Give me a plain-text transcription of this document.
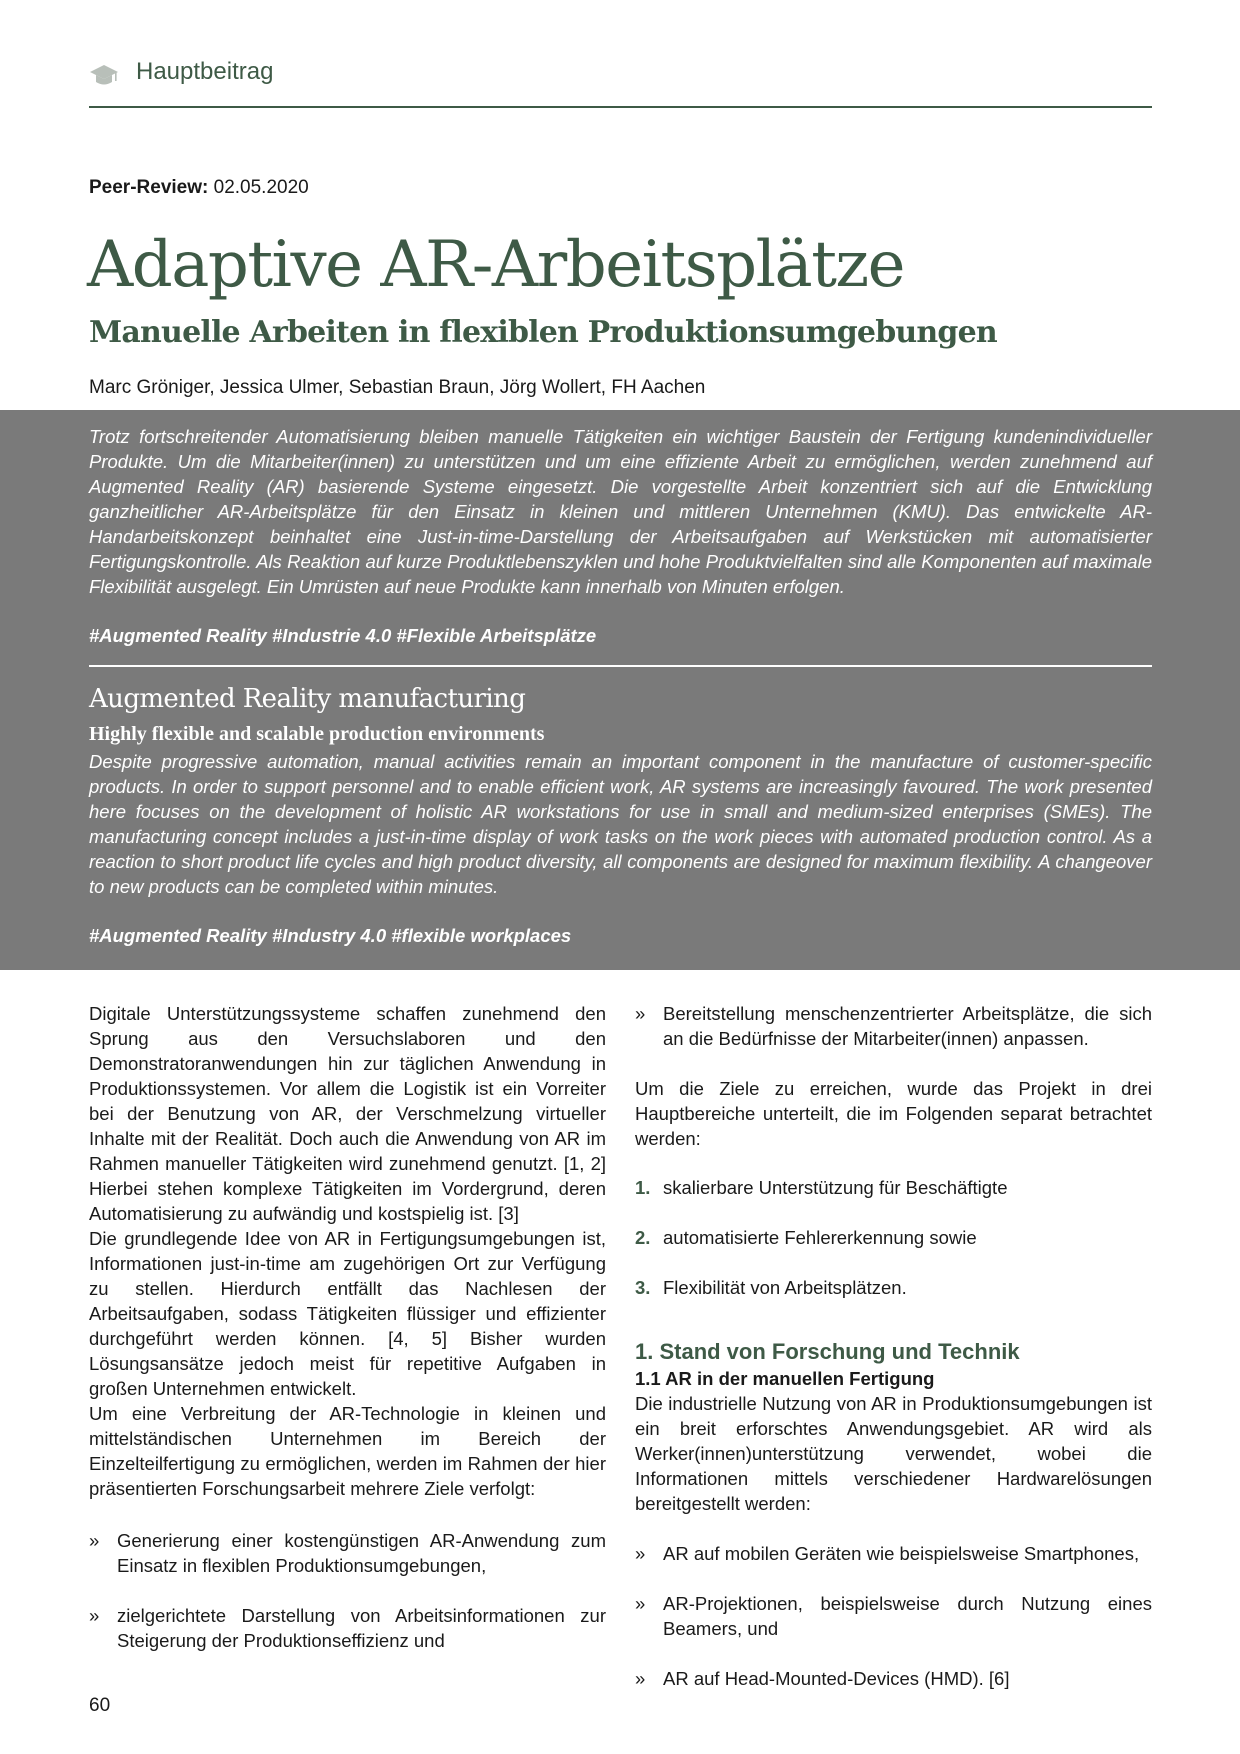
Hauptbeitrag
Peer-Review: 02.05.2020
Adaptive AR-Arbeitsplätze
Manuelle Arbeiten in flexiblen Produktionsumgebungen
Marc Gröniger, Jessica Ulmer, Sebastian Braun, Jörg Wollert, FH Aachen

Trotz fortschreitender Automatisierung bleiben manuelle Tätigkeiten ein wichtiger Baustein der Fertigung kundenindividueller Produkte. Um die Mitarbeiter(innen) zu unterstützen und um eine effiziente Arbeit zu ermöglichen, werden zunehmend auf Augmented Reality (AR) basierende Systeme eingesetzt. Die vorgestellte Arbeit konzentriert sich auf die Entwicklung ganzheitlicher AR-Arbeitsplätze für den Einsatz in kleinen und mittleren Unternehmen (KMU). Das entwickelte AR-Handarbeitskonzept beinhaltet eine Just-in-time-Darstellung der Arbeitsaufgaben auf Werkstücken mit automatisierter Fertigungskontrolle. Als Reaktion auf kurze Produktlebenszyklen und hohe Produktvielfalten sind alle Komponenten auf maximale Flexibilität ausgelegt. Ein Umrüsten auf neue Produkte kann innerhalb von Minuten erfolgen.

#Augmented Reality #Industrie 4.0 #Flexible Arbeitsplätze
Augmented Reality manufacturing
Highly flexible and scalable production environments

Despite progressive automation, manual activities remain an important component in the manufacture of customer-specific products. In order to support personnel and to enable efficient work, AR systems are increasingly favoured. The work presented here focuses on the development of holistic AR workstations for use in small and medium-sized enterprises (SMEs). The manufacturing concept includes a just-in-time display of work tasks on the work pieces with automated production control. As a reaction to short product life cycles and high product diversity, all components are designed for maximum flexibility. A changeover to new products can be completed within minutes.

#Augmented Reality #Industry 4.0 #flexible workplaces

Digitale Unterstützungssysteme schaffen zunehmend den Sprung aus den Versuchslaboren und den Demonstratoranwendungen hin zur täglichen Anwendung in Produktionssystemen. Vor allem die Logistik ist ein Vorreiter bei der Benutzung von AR, der Verschmelzung virtueller Inhalte mit der Realität. Doch auch die Anwendung von AR im Rahmen manueller Tätigkeiten wird zunehmend genutzt. [1, 2] Hierbei stehen komplexe Tätigkeiten im Vordergrund, deren Automatisierung zu aufwändig und kostspielig ist. [3]

Die grundlegende Idee von AR in Fertigungsumgebungen ist, Informationen just-in-time am zugehörigen Ort zur Verfügung zu stellen. Hierdurch entfällt das Nachlesen der Arbeitsaufgaben, sodass Tätigkeiten flüssiger und effizienter durchgeführt werden können. [4, 5] Bisher wurden Lösungsansätze jedoch meist für repetitive Aufgaben in großen Unternehmen entwickelt.

Um eine Verbreitung der AR-Technologie in kleinen und mittelständischen Unternehmen im Bereich der Einzelteilfertigung zu ermöglichen, werden im Rahmen der hier präsentierten Forschungsarbeit mehrere Ziele verfolgt:

» Generierung einer kostengünstigen AR-Anwendung zum Einsatz in flexiblen Produktionsumgebungen,
» zielgerichtete Darstellung von Arbeitsinformationen zur Steigerung der Produktionseffizienz und
» Bereitstellung menschenzentrierter Arbeitsplätze, die sich an die Bedürfnisse der Mitarbeiter(innen) anpassen.

Um die Ziele zu erreichen, wurde das Projekt in drei Hauptbereiche unterteilt, die im Folgenden separat betrachtet werden:

1. skalierbare Unterstützung für Beschäftigte
2. automatisierte Fehlererkennung sowie
3. Flexibilität von Arbeitsplätzen.
1. Stand von Forschung und Technik
1.1 AR in der manuellen Fertigung

Die industrielle Nutzung von AR in Produktionsumgebungen ist ein breit erforschtes Anwendungsgebiet. AR wird als Werker(innen)unterstützung verwendet, wobei die Informationen mittels verschiedener Hardwarelösungen bereitgestellt werden:

» AR auf mobilen Geräten wie beispielsweise Smartphones,
» AR-Projektionen, beispielsweise durch Nutzung eines Beamers, und
» AR auf Head-Mounted-Devices (HMD). [6]
60
